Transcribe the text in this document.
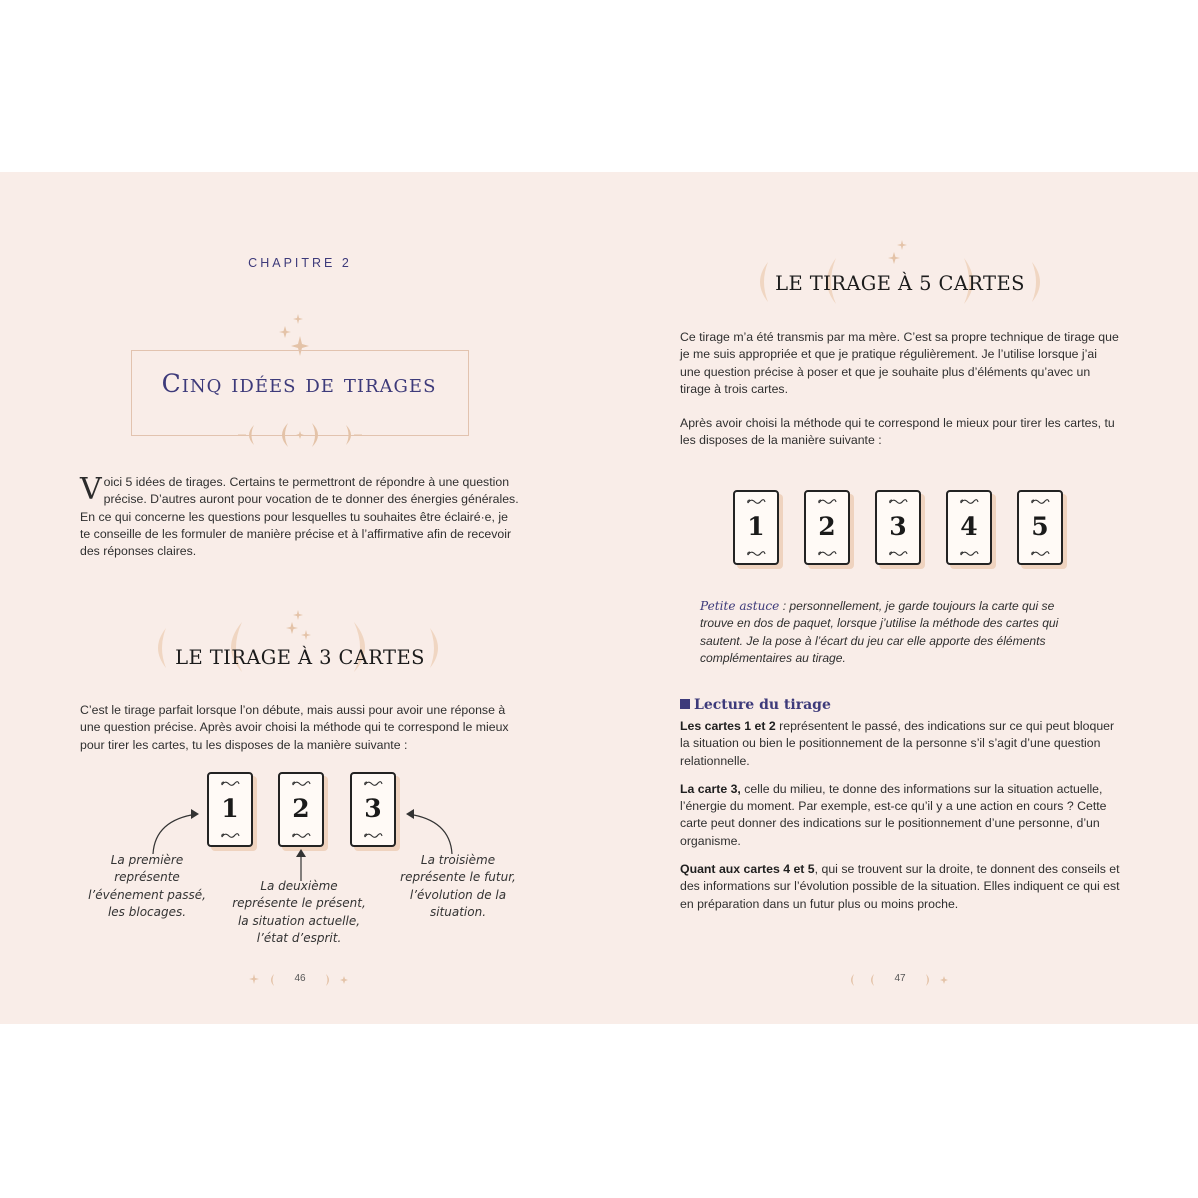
CHAPITRE 2
Cinq idées de tirages
Voici 5 idées de tirages. Certains te permettront de répondre à une question précise. D’autres auront pour vocation de te donner des énergies générales. En ce qui concerne les questions pour lesquelles tu souhaites être éclairé·e, je te conseille de les formuler de manière précise et à l’affirmative afin de recevoir des réponses claires.
LE TIRAGE À 3 CARTES
C’est le tirage parfait lorsque l’on débute, mais aussi pour avoir une réponse à une question précise. Après avoir choisi la méthode qui te correspond le mieux pour tirer les cartes, tu les disposes de la manière suivante :
1	2	3
La première représente l’événement passé, les blocages.
La deuxième représente le présent, la situation actuelle, l’état d’esprit.
La troisième représente le futur, l’évolution de la situation.
46
LE TIRAGE À 5 CARTES
Ce tirage m’a été transmis par ma mère. C’est sa propre technique de tirage que je me suis appropriée et que je pratique régulièrement. Je l’utilise lorsque j’ai une question précise à poser et que je souhaite plus d’éléments qu’avec un tirage à trois cartes.
Après avoir choisi la méthode qui te correspond le mieux pour tirer les cartes, tu les disposes de la manière suivante :
1	2	3	4	5
Petite astuce : personnellement, je garde toujours la carte qui se trouve en dos de paquet, lorsque j’utilise la méthode des cartes qui sautent. Je la pose à l’écart du jeu car elle apporte des éléments complémentaires au tirage.
Lecture du tirage

Les cartes 1 et 2 représentent le passé, des indications sur ce qui peut bloquer la situation ou bien le positionnement de la personne s’il s’agit d’une question relationnelle.

La carte 3, celle du milieu, te donne des informations sur la situation actuelle, l’énergie du moment. Par exemple, est-ce qu’il y a une action en cours ? Cette carte peut donner des indications sur le positionnement d’une personne, d’un organisme.

Quant aux cartes 4 et 5, qui se trouvent sur la droite, te donnent des conseils et des informations sur l’évolution possible de la situation. Elles indiquent ce qui est en préparation dans un futur plus ou moins proche.

47
